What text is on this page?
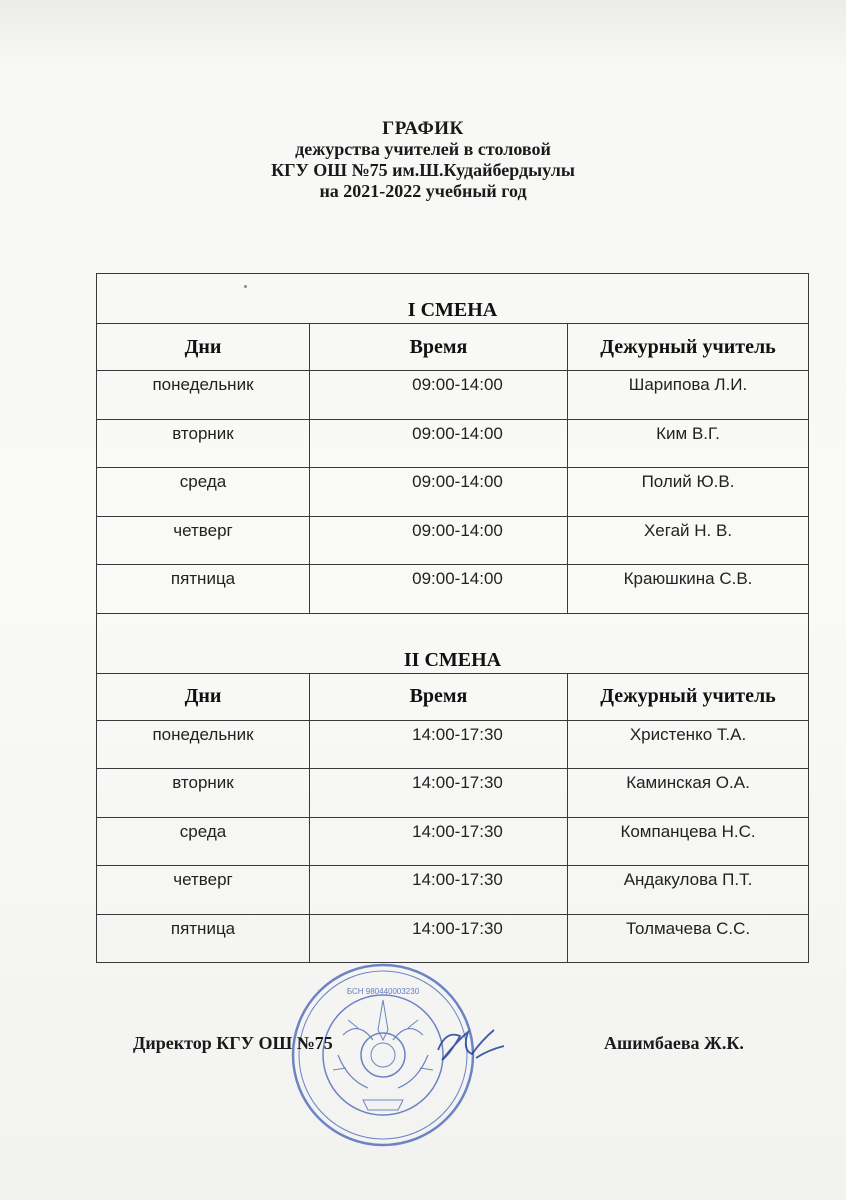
ГРАФИК
дежурства учителей в столовой
КГУ ОШ №75 им.Ш.Кудайбердыулы
на 2021-2022 учебный год
I СМЕНА		
Дни	Время	Дежурный учитель
понедельник	09:00-14:00	Шарипова Л.И.
вторник	09:00-14:00	Ким В.Г.
среда	09:00-14:00	Полий Ю.В.
четверг	09:00-14:00	Хегай Н. В.
пятница	09:00-14:00	Краюшкина С.В.
II СМЕНА		
Дни	Время	Дежурный учитель
понедельник	14:00-17:30	Христенко Т.А.
вторник	14:00-17:30	Каминская О.А.
среда	14:00-17:30	Компанцева Н.С.
четверг	14:00-17:30	Андакулова П.Т.
пятница	14:00-17:30	Толмачева С.С.
БСН 980440003230
Директор КГУ ОШ №75	Ашимбаева Ж.К.
